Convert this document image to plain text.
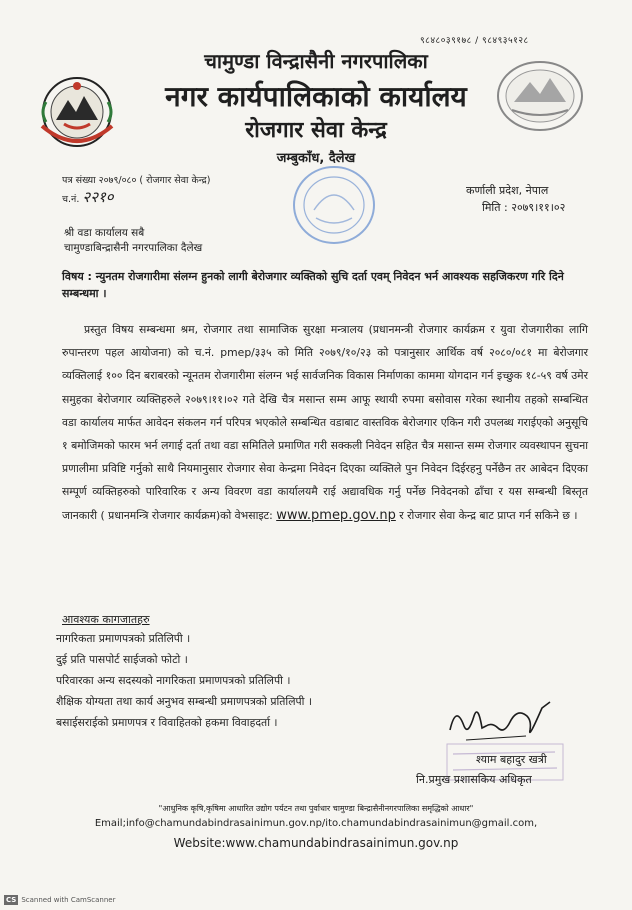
९८४८०३९१७८ / ९८४९३५१२८
चामुण्डा विन्द्रासैनी नगरपालिका
नगर कार्यपालिकाको कार्यालय
रोजगार सेवा केन्द्र
जम्बुकाँध, दैलेख
पत्र संख्या २०७९/०८० ( रोजगार सेवा केन्द्र)
च.नं. २२१०	कर्णाली प्रदेश, नेपाल
मिति : २०७९।११।०२
श्री वडा कार्यालय सबै
चामुण्डाबिन्द्रासैनी नगरपालिका दैलेख
विषय : न्युनतम रोजगारीमा संलग्न हुनको लागी बेरोजगार व्यक्तिको सुचि दर्ता एवम् निवेदन भर्न आवश्यक सहजिकरण गरि दिने सम्बन्धमा ।
प्रस्तुत विषय सम्बन्धमा श्रम, रोजगार तथा सामाजिक सुरक्षा मन्त्रालय (प्रधानमन्त्री रोजगार कार्यक्रम र युवा रोजगारीका लागि रुपान्तरण पहल आयोजना) को च.नं. pmep/३३५ को मिति २०७९/१०/२३ को पत्रानुसार आर्थिक वर्ष २०८०/०८१ मा बेरोजगार व्यक्तिलाई १०० दिन बराबरको न्यूनतम रोजगारीमा संलग्न भई सार्वजनिक विकास निर्माणका काममा योगदान गर्न इच्छुक १८-५९ वर्ष उमेर समुहका बेरोजगार व्यक्तिहरुले २०७९।११।०२ गते देखि चैत्र मसान्त सम्म आफू स्थायी रुपमा बसोवास गरेका स्थानीय तहको सम्बन्धित वडा कार्यालय मार्फत आवेदन संकलन गर्न परिपत्र भएकोले सम्बन्धित वडाबाट वास्तविक बेरोजगार एकिन गरी उपलब्ध गराईएको अनुसूचि १ बमोजिमको फारम भर्न लगाई दर्ता तथा वडा समितिले प्रमाणित गरी सक्कली निवेदन सहित चैत्र मसान्त सम्म रोजगार व्यवस्थापन सुचना प्रणालीमा प्रविष्टि गर्नुको साथै नियमानुसार रोजगार सेवा केन्द्रमा निवेदन दिएका व्यक्तिले पुन निवेदन दिईरहनु पर्नेछैन तर आबेदन दिएका सम्पूर्ण व्यक्तिहरुको पारिवारिक र अन्य विवरण वडा कार्यालयमै राई अद्यावधिक गर्नु पर्नेछ निवेदनको ढाँचा र यस सम्बन्धी बिस्तृत जानकारी ( प्रधानमन्त्रि रोजगार कार्यक्रम)को वेभसाइट: www.pmep.gov.np र रोजगार सेवा केन्द्र बाट प्राप्त गर्न सकिने छ ।
आवश्यक कागजातहरु
नागरिकता प्रमाणपत्रको प्रतिलिपी ।
दुई प्रति पासपोर्ट साईजको फोटो ।
परिवारका अन्य सदस्यको नागरिकता प्रमाणपत्रको प्रतिलिपी ।
शैक्षिक योग्यता तथा कार्य अनुभव सम्बन्धी प्रमाणपत्रको प्रतिलिपी ।
बसाईसराईको प्रमाणपत्र र विवाहितको हकमा विवाहदर्ता ।
श्याम बहादुर खत्री
नि.प्रमुख प्रशासकिय अधिकृत
"आधुनिक कृषि,कृषिमा आधारित उद्योग पर्यटन तथा पुर्वाधार चामुण्डा बिन्द्रासैनीनगरपालिका समृद्धिको आधार"
Email;info@chamundabindrasainimun.gov.np/ito.chamundabindrasainimun@gmail.com,
Website:www.chamundabindrasainimun.gov.np
CS Scanned with CamScanner
